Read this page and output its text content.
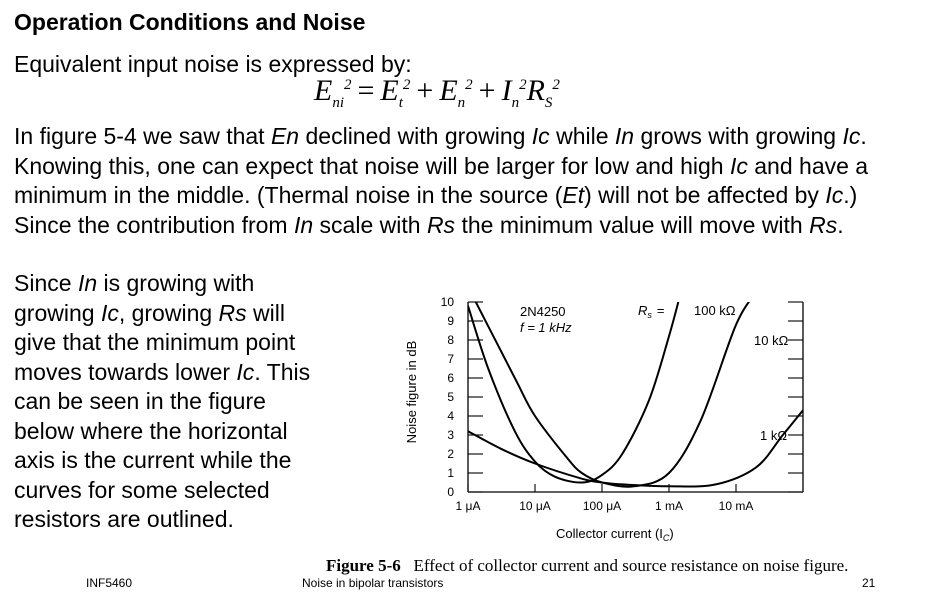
Operation Conditions and Noise

Equivalent input noise is expressed by:

$E_{ni}^2 = E_t^2 + E_n^2 + I_n^2R_S^2$

In figure 5-4 we saw that En declined with growing Ic while In grows with growing Ic. Knowing this, one can expect that noise will be larger for low and high Ic and have a minimum in the middle. (Thermal noise in the source (Et) will not be affected by Ic.) Since the contribution from In scale with Rs the minimum value will move with Rs.

Since In is growing with growing Ic, growing Rs will give that the minimum point moves towards lower Ic. This can be seen in the figure below where the horizontal axis is the current while the curves for some selected resistors are outlined.

Noise figure in dB
0
1
2
3
4
5
6
7
8
9
10
1 μA	10 μA	100 μA	1 mA	10 mA
100 kΩ
10 kΩ
1 kΩ
2N4250
f = 1 kHz
$R_s$ =
Collector current $(I_C)$
Figure 5-6 Effect of collector current and source resistance on noise figure.
INF5460	Noise in bipolar transistors	21
